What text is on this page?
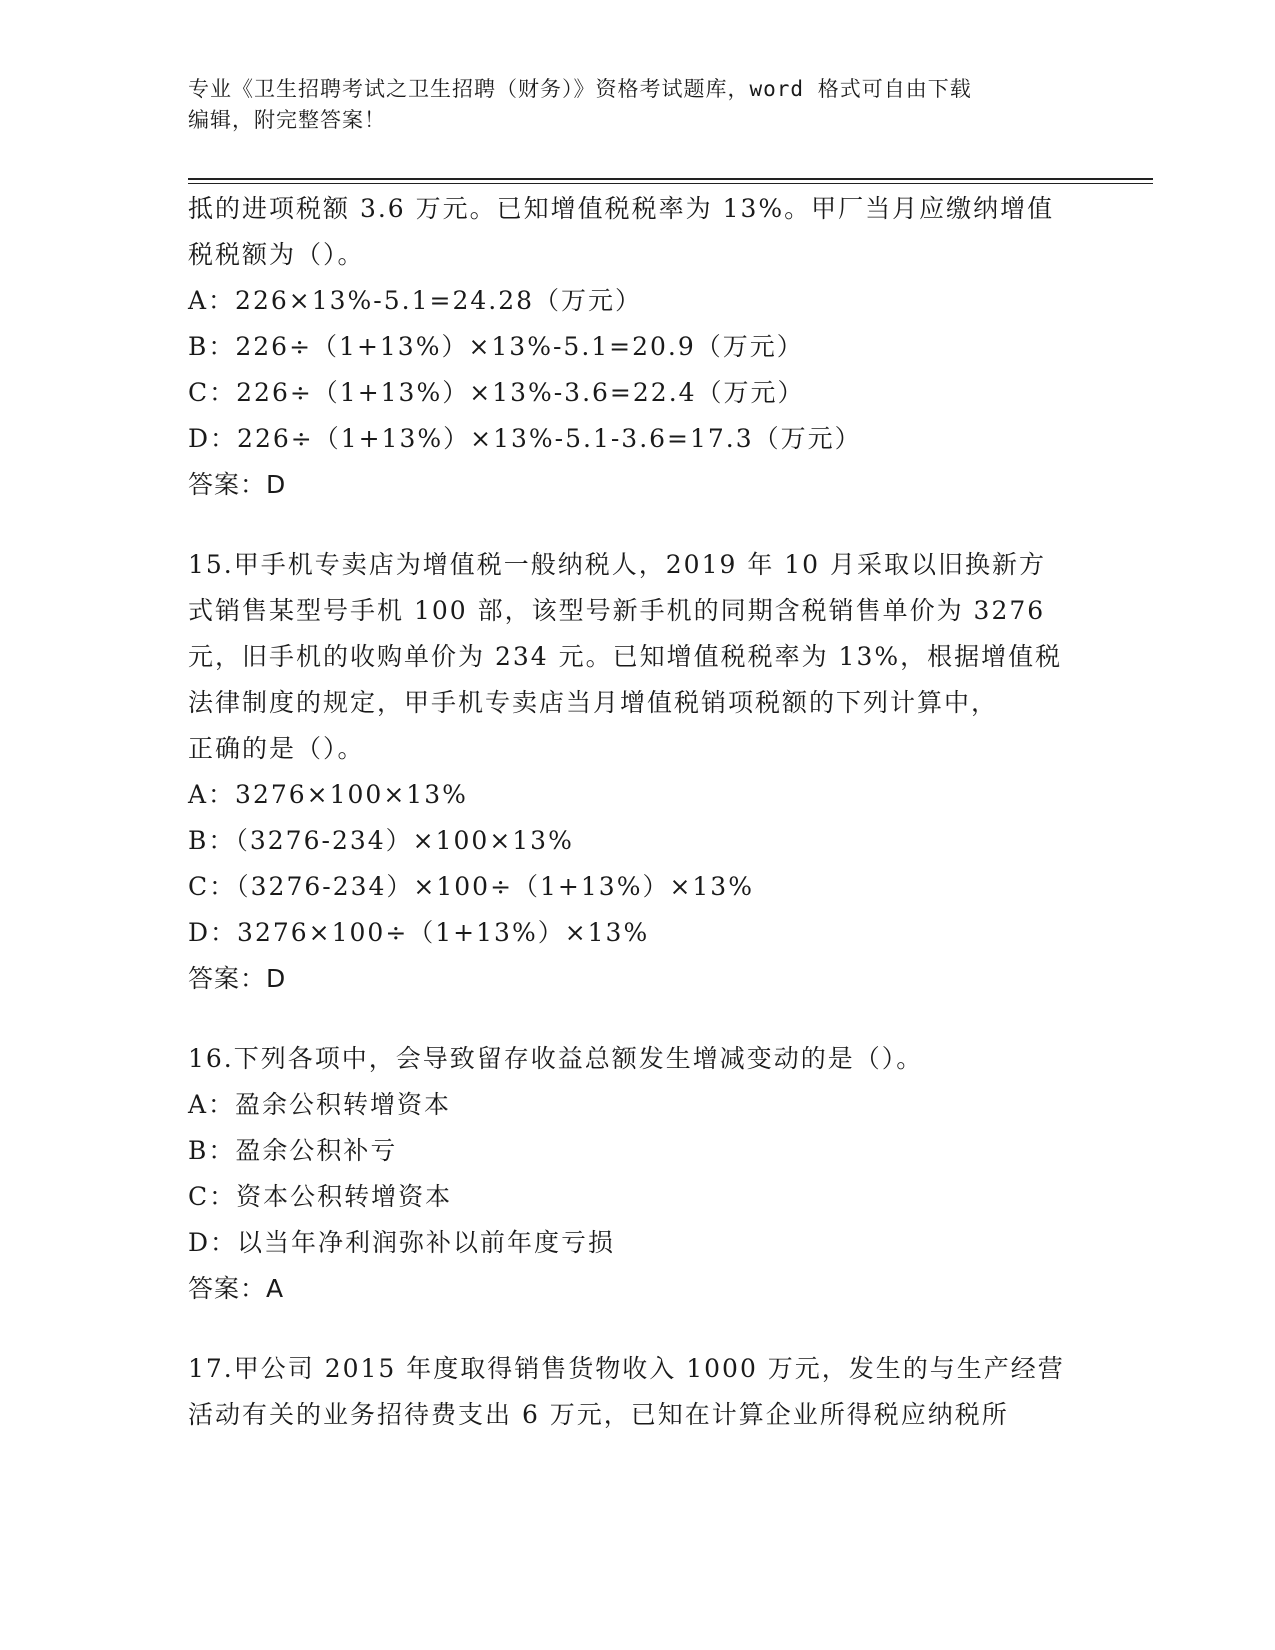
专业《卫生招聘考试之卫生招聘（财务）》资格考试题库，word 格式可自由下载
编辑，附完整答案！

抵的进项税额 3.6 万元。已知增值税税率为 13%。甲厂当月应缴纳增值

税税额为（）。

A：226×13%-5.1=24.28（万元）

B：226÷（1+13%）×13%-5.1=20.9（万元）

C：226÷（1+13%）×13%-3.6=22.4（万元）

D：226÷（1+13%）×13%-5.1-3.6=17.3（万元）

答案：D

15.甲手机专卖店为增值税一般纳税人，2019 年 10 月采取以旧换新方

式销售某型号手机 100 部，该型号新手机的同期含税销售单价为 3276

元，旧手机的收购单价为 234 元。已知增值税税率为 13%，根据增值税

法律制度的规定，甲手机专卖店当月增值税销项税额的下列计算中，

正确的是（）。

A：3276×100×13%

B：（3276-234）×100×13%

C：（3276-234）×100÷（1+13%）×13%

D：3276×100÷（1+13%）×13%

答案：D

16.下列各项中，会导致留存收益总额发生增减变动的是（）。

A：盈余公积转增资本

B：盈余公积补亏

C：资本公积转增资本

D：以当年净利润弥补以前年度亏损

答案：A

17.甲公司 2015 年度取得销售货物收入 1000 万元，发生的与生产经营

活动有关的业务招待费支出 6 万元，已知在计算企业所得税应纳税所
